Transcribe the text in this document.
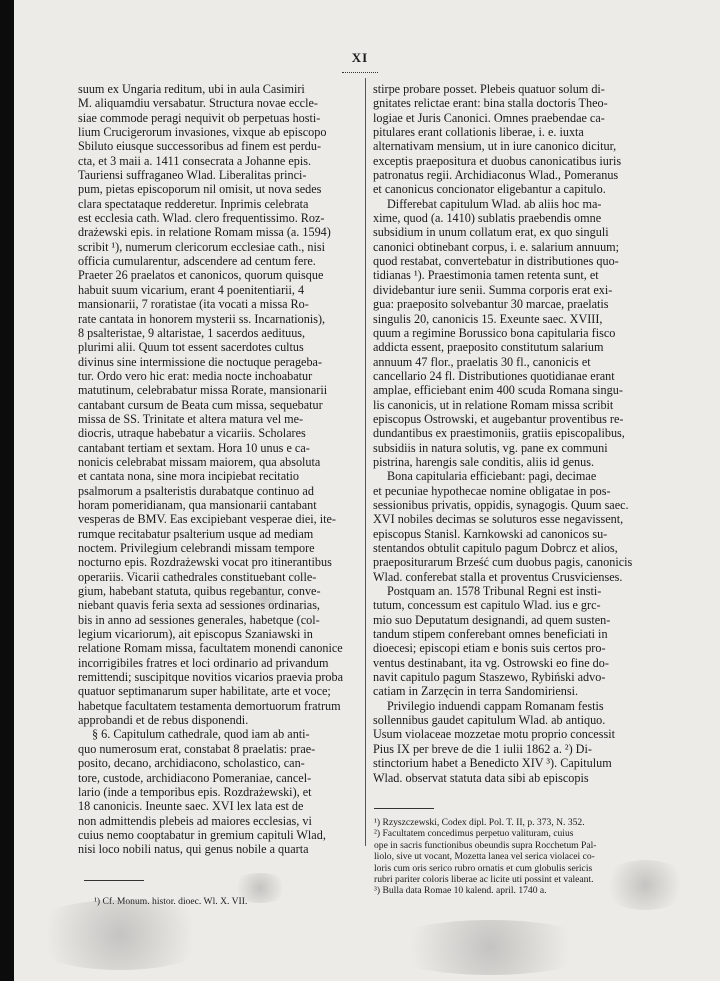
XI
suum ex Ungaria reditum, ubi in aula Casimiri
M. aliquamdiu versabatur. Structura novae eccle-
siae commode peragi nequivit ob perpetuas hosti-
lium Crucigerorum invasiones, vixque ab episcopo
Sbiluto eiusque successoribus ad finem est perdu-
cta, et 3 maii a. 1411 consecrata a Johanne epis.
Tauriensi suffraganeo Wlad. Liberalitas princi-
pum, pietas episcoporum nil omisit, ut nova sedes
clara spectataque redderetur. Inprimis celebrata
est ecclesia cath. Wlad. clero frequentissimo. Roz-
drażewski epis. in relatione Romam missa (a. 1594)
scribit ¹), numerum clericorum ecclesiae cath., nisi
officia cumularentur, adscendere ad centum fere.
Praeter 26 praelatos et canonicos, quorum quisque
habuit suum vicarium, erant 4 poenitentiarii, 4
mansionarii, 7 roratistae (ita vocati a missa Ro-
rate cantata in honorem mysterii ss. Incarnationis),
8 psalteristae, 9 altaristae, 1 sacerdos aedituus,
plurimi alii. Quum tot essent sacerdotes cultus
divinus sine intermissione die noctuque perageba-
tur. Ordo vero hic erat: media nocte inchoabatur
matutinum, celebrabatur missa Rorate, mansionarii
cantabant cursum de Beata cum missa, sequebatur
missa de SS. Trinitate et altera matura vel me-
diocris, utraque habebatur a vicariis. Scholares
cantabant tertiam et sextam. Hora 10 unus e ca-
nonicis celebrabat missam maiorem, qua absoluta
et cantata nona, sine mora incipiebat recitatio
psalmorum a psalteristis durabatque continuo ad
horam pomeridianam, qua mansionarii cantabant
vesperas de BMV. Eas excipiebant vesperae diei, ite-
rumque recitabatur psalterium usque ad mediam
noctem. Privilegium celebrandi missam tempore
nocturno epis. Rozdrażewski vocat pro itinerantibus
operariis. Vicarii cathedrales constituebant colle-
gium, habebant statuta, quibus regebantur, conve-
niebant quavis feria sexta ad sessiones ordinarias,
bis in anno ad sessiones generales, habetque (col-
legium vicariorum), ait episcopus Szaniawski in
relatione Romam missa, facultatem monendi canonice
incorrigibiles fratres et loci ordinario ad privandum
remittendi; suscipitque novitios vicarios praevia proba
quatuor septimanarum super habilitate, arte et voce;
habetque facultatem testamenta demortuorum fratrum
approbandi et de rebus disponendi.
§ 6. Capitulum cathedrale, quod iam ab anti-
quo numerosum erat, constabat 8 praelatis: prae-
posito, decano, archidiacono, scholastico, can-
tore, custode, archidiacono Pomeraniae, cancel-
lario (inde a temporibus epis. Rozdrażewski), et
18 canonicis. Ineunte saec. XVI lex lata est de
non admittendis plebeis ad maiores ecclesias, vi
cuius nemo cooptabatur in gremium capituli Wlad,
nisi loco nobili natus, qui genus nobile a quarta
stirpe probare posset. Plebeis quatuor solum di-
gnitates relictae erant: bina stalla doctoris Theo-
logiae et Juris Canonici. Omnes praebendae ca-
pitulares erant collationis liberae, i. e. iuxta
alternativam mensium, ut in iure canonico dicitur,
exceptis praepositura et duobus canonicatibus iuris
patronatus regii. Archidiaconus Wlad., Pomeranus
et canonicus concionator eligebantur a capitulo.
Differebat capitulum Wlad. ab aliis hoc ma-
xime, quod (a. 1410) sublatis praebendis omne
subsidium in unum collatum erat, ex quo singuli
canonici obtinebant corpus, i. e. salarium annuum;
quod restabat, convertebatur in distributiones quo-
tidianas ¹). Praestimonia tamen retenta sunt, et
dividebantur iure senii. Summa corporis erat exi-
gua: praeposito solvebantur 30 marcae, praelatis
singulis 20, canonicis 15. Exeunte saec. XVIII,
quum a regimine Borussico bona capitularia fisco
addicta essent, praeposito constitutum salarium
annuum 47 flor., praelatis 30 fl., canonicis et
cancellario 24 fl. Distributiones quotidianae erant
amplae, efficiebant enim 400 scuda Romana singu-
lis canonicis, ut in relatione Romam missa scribit
episcopus Ostrowski, et augebantur proventibus re-
dundantibus ex praestimoniis, gratiis episcopalibus,
subsidiis in natura solutis, vg. pane ex communi
pistrina, harengis sale conditis, aliis id genus.
Bona capitularia efficiebant: pagi, decimae
et pecuniae hypothecae nomine obligatae in pos-
sessionibus privatis, oppidis, synagogis. Quum saec.
XVI nobiles decimas se soluturos esse negavissent,
episcopus Stanisl. Karnkowski ad canonicos su-
stentandos obtulit capitulo pagum Dobrcz et alios,
praepositurarum Brześć cum duobus pagis, canonicis
Wlad. conferebat stalla et proventus Crusvicienses.
Postquam an. 1578 Tribunal Regni est insti-
tutum, concessum est capitulo Wlad. ius e grc-
mio suo Deputatum designandi, ad quem susten-
tandum stipem conferebant omnes beneficiati in
dioecesi; episcopi etiam e bonis suis certos pro-
ventus destinabant, ita vg. Ostrowski eo fine do-
navit capitulo pagum Staszewo, Rybiński advo-
catiam in Zarzęcin in terra Sandomiriensi.
Privilegio induendi cappam Romanam festis
sollennibus gaudet capitulum Wlad. ab antiquo.
Usum violaceae mozzetae motu proprio concessit
Pius IX per breve de die 1 iulii 1862 a. ²) Di-
stinctorium habet a Benedicto XIV ³). Capitulum
Wlad. observat statuta data sibi ab episcopis
¹) Cf. Monum. histor. dioec. Wl. X. VII.
¹) Rzyszczewski, Codex dipl. Pol. T. II, p. 373, N. 352.
²) Facultatem concedimus perpetuo valituram, cuius
ope in sacris functionibus obeundis supra Rocchetum Pal-
liolo, sive ut vocant, Mozetta lanea vel serica violacei co-
loris cum oris serico rubro ornatis et cum globulis sericis
rubri pariter coloris liberae ac licite uti possint et valeant.
³) Bulla data Romae 10 kalend. april. 1740 a.
